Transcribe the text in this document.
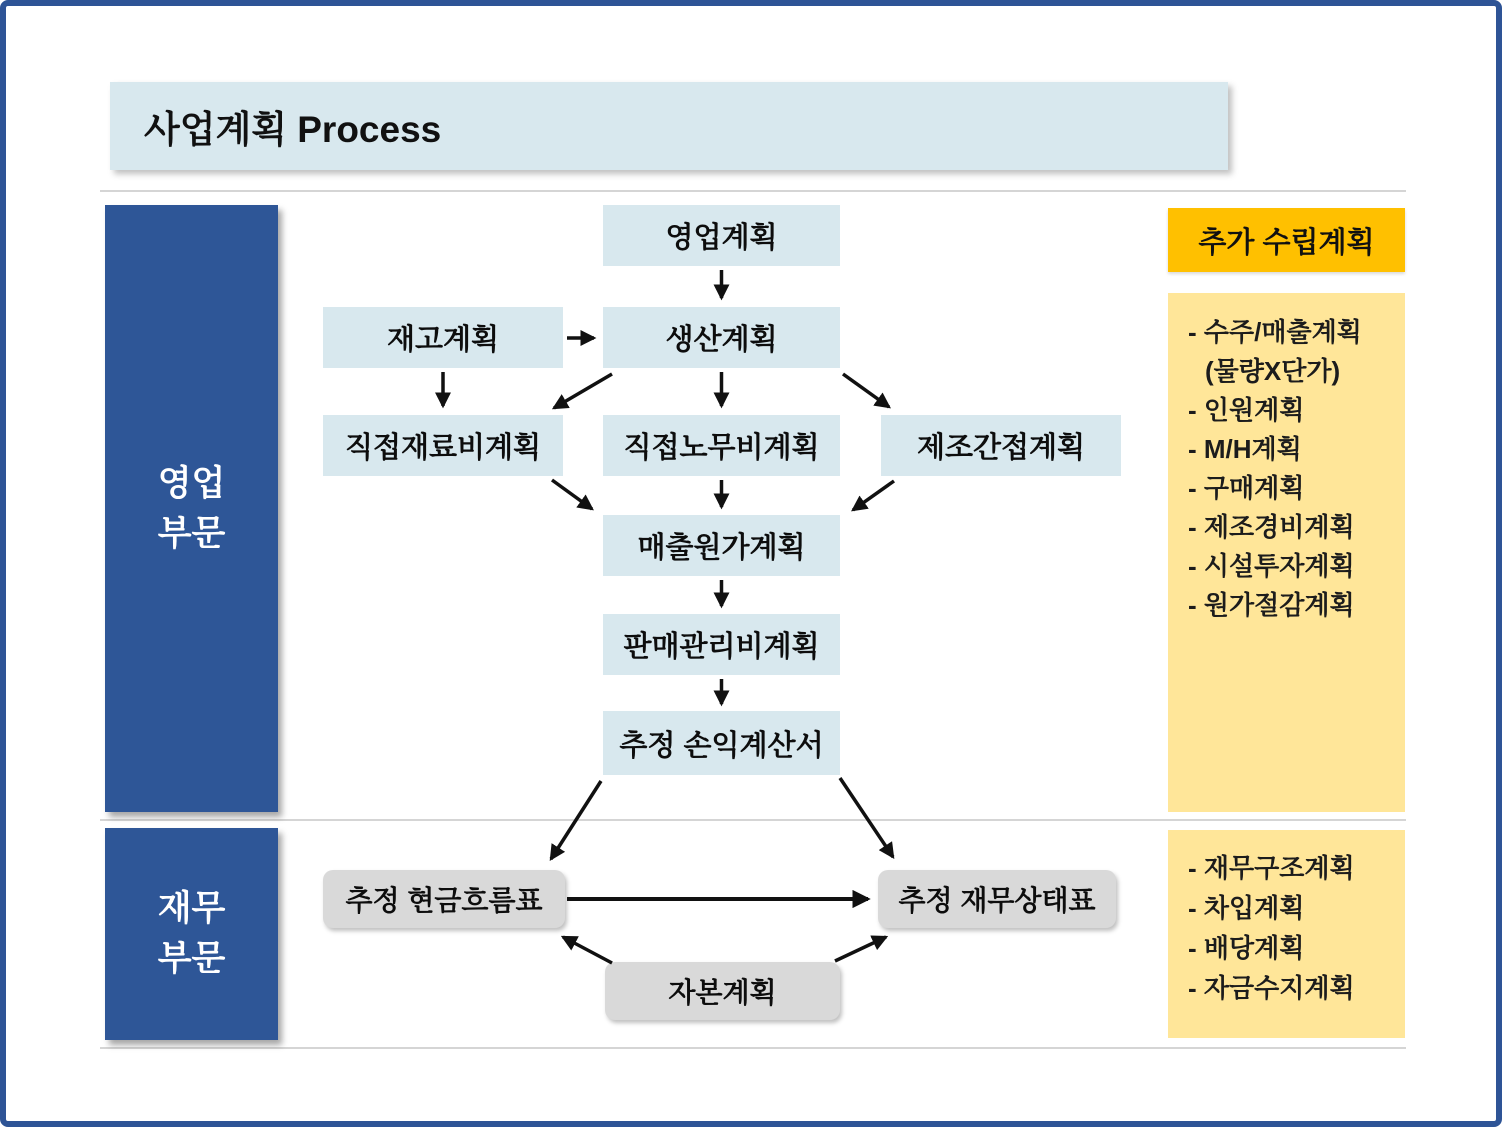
사업계획 Process
영업
부문
재무
부문
영업계획
재고계획	생산계획
직접재료비계획	직접노무비계획	제조간접계획
매출원가계획
판매관리비계획
추정 손익계산서
추정 현금흐름표	추정 재무상태표
자본계획
추가 수립계획
- 수주/매출계획
(물량X단가)
- 인원계획
- M/H계획
- 구매계획
- 제조경비계획
- 시설투자계획
- 원가절감계획
- 재무구조계획
- 차입계획
- 배당계획
- 자금수지계획
